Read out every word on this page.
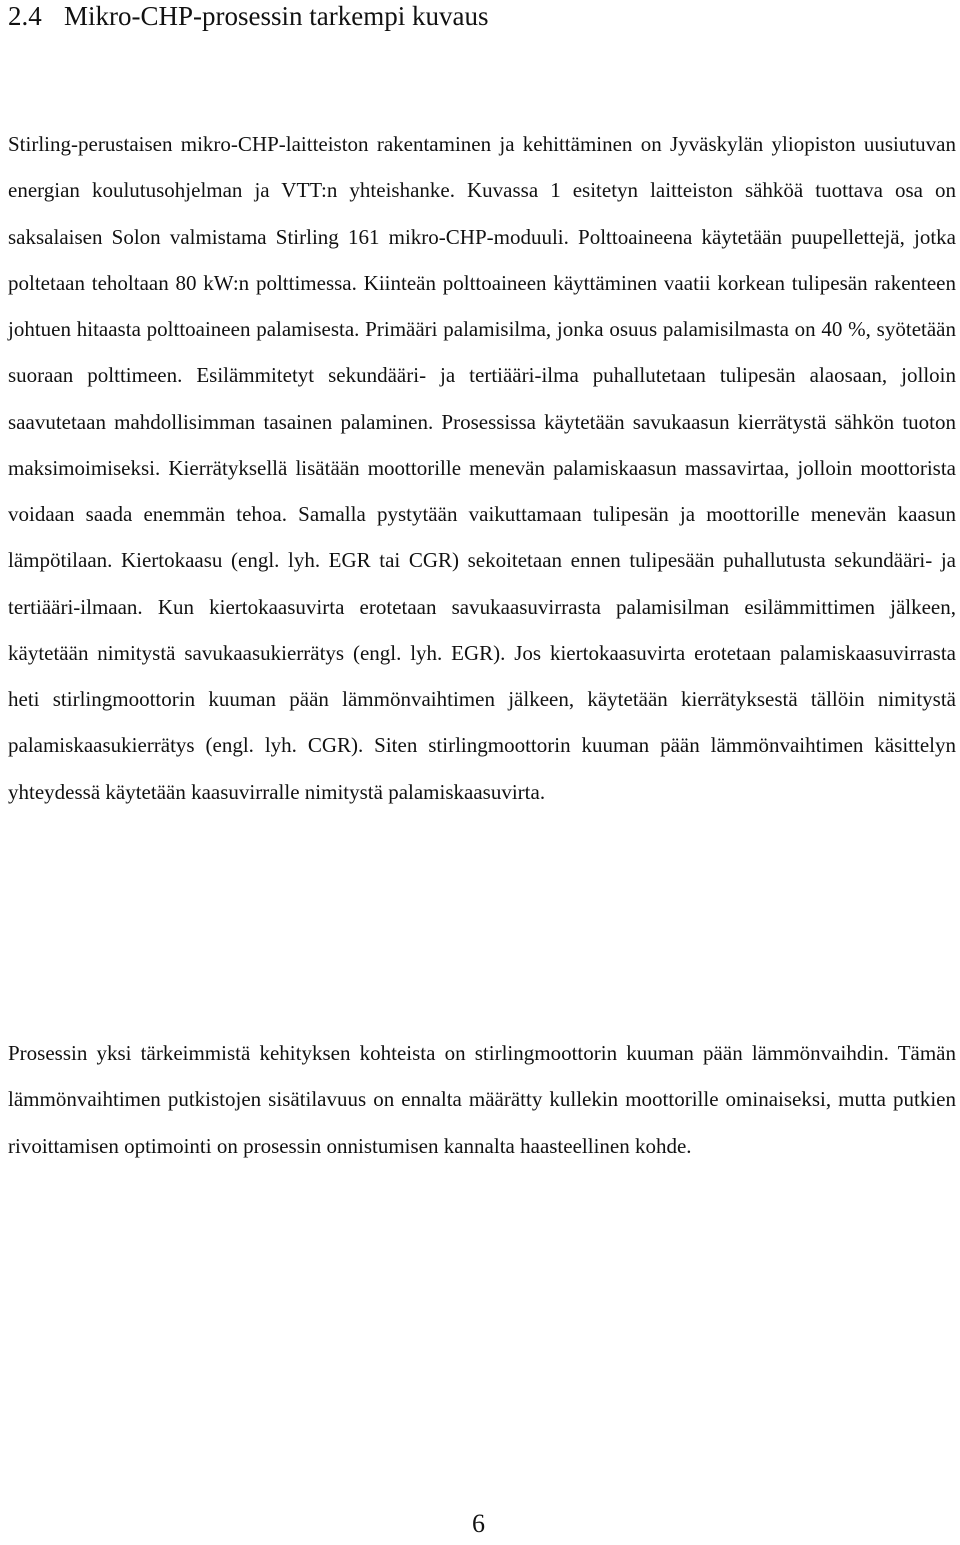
2.4 Mikro-CHP-prosessin tarkempi kuvaus

Stirling-perustaisen mikro-CHP-laitteiston rakentaminen ja kehittäminen on Jyväskylän yliopiston uusiutuvan energian koulutusohjelman ja VTT:n yhteishanke. Kuvassa 1 esitetyn laitteiston sähköä tuottava osa on saksalaisen Solon valmistama Stirling 161 mikro-CHP-moduuli. Polttoaineena käytetään puupellettejä, jotka poltetaan teholtaan 80 kW:n polttimessa. Kiinteän polttoaineen käyttäminen vaatii korkean tulipesän rakenteen johtuen hitaasta polttoaineen palamisesta. Primääri palamisilma, jonka osuus palamisilmasta on 40 %, syötetään suoraan polttimeen. Esilämmitetyt sekundääri- ja tertiääri-ilma puhallutetaan tulipesän alaosaan, jolloin saavutetaan mahdollisimman tasainen palaminen. Prosessissa käytetään savukaasun kierrätystä sähkön tuoton maksimoimiseksi. Kierrätyksellä lisätään moottorille menevän palamiskaasun massavirtaa, jolloin moottorista voidaan saada enemmän tehoa. Samalla pystytään vaikuttamaan tulipesän ja moottorille menevän kaasun lämpötilaan. Kiertokaasu (engl. lyh. EGR tai CGR) sekoitetaan ennen tulipesään puhallutusta sekundääri- ja tertiääri-ilmaan. Kun kiertokaasuvirta erotetaan savukaasuvirrasta palamisilman esilämmittimen jälkeen, käytetään nimitystä savukaasukierrätys (engl. lyh. EGR). Jos kiertokaasuvirta erotetaan palamiskaasuvirrasta heti stirlingmoottorin kuuman pään lämmönvaihtimen jälkeen, käytetään kierrätyksestä tällöin nimitystä palamiskaasukierrätys (engl. lyh. CGR). Siten stirlingmoottorin kuuman pään lämmönvaihtimen käsittelyn yhteydessä käytetään kaasuvirralle nimitystä palamiskaasuvirta.

Prosessin yksi tärkeimmistä kehityksen kohteista on stirlingmoottorin kuuman pään lämmönvaihdin. Tämän lämmönvaihtimen putkistojen sisätilavuus on ennalta määrätty kullekin moottorille ominaiseksi, mutta putkien rivoittamisen optimointi on prosessin onnistumisen kannalta haasteellinen kohde.

6
